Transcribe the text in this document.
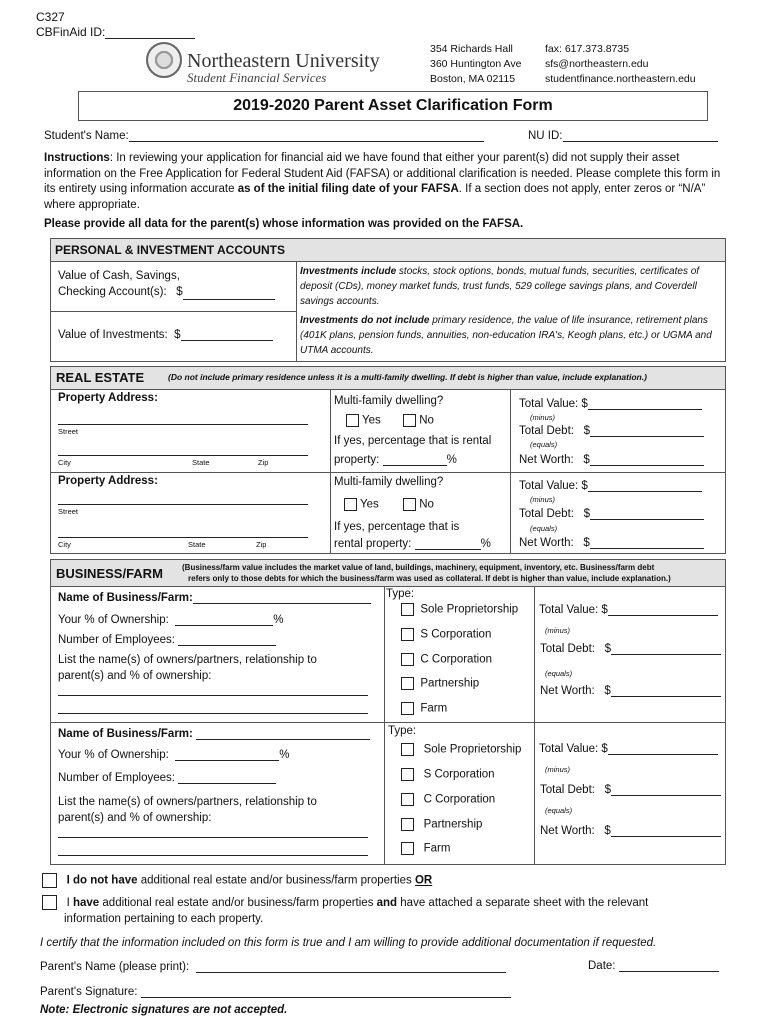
C327
CBFinAid ID:
Northeastern University
Student Financial Services
354 Richards Hall
360 Huntington Ave
Boston, MA 02115
fax: 617.373.8735
sfs@northeastern.edu
studentfinance.northeastern.edu
2019-2020 Parent Asset Clarification Form
Student's Name:	NU ID:
Instructions: In reviewing your application for financial aid we have found that either your parent(s) did not supply their asset information on the Free Application for Federal Student Aid (FAFSA) or additional clarification is needed. Please complete this form in its entirety using information accurate as of the initial filing date of your FAFSA. If a section does not apply, enter zeros or “N/A” where appropriate.
Please provide all data for the parent(s) whose information was provided on the FAFSA.
PERSONAL & INVESTMENT ACCOUNTS
Value of Cash, Savings,
Checking Account(s): $
Value of Investments: $
Investments include stocks, stock options, bonds, mutual funds, securities, certificates of deposit (CDs), money market funds, trust funds, 529 college savings plans, and Coverdell savings accounts.
Investments do not include primary residence, the value of life insurance, retirement plans (401K plans, pension funds, annuities, non-education IRA's, Keogh plans, etc.) or UGMA and UTMA accounts.
REAL ESTATE	(Do not include primary residence unless it is a multi-family dwelling. If debt is higher than value, include explanation.)
Property Address:
Street
City	State	Zip
Multi-family dwelling?
Yes	No
If yes, percentage that is rental
property:	%
Total Value: $
(minus)
Total Debt: $
(equals)
Net Worth: $
Property Address:
Street
City	State	Zip
Multi-family dwelling?
Yes	No
If yes, percentage that is
rental property:	%
Total Value: $
(minus)
Total Debt: $
(equals)
Net Worth: $
BUSINESS/FARM (Business/farm value includes the market value of land, buildings, machinery, equipment, inventory, etc. Business/farm debt
refers only to those debts for which the business/farm was used as collateral. If debt is higher than value, include explanation.)
Name of Business/Farm:
Your % of Ownership:	%
Number of Employees:
List the name(s) of owners/partners, relationship to
parent(s) and % of ownership:
Type:
Sole Proprietorship
S Corporation
C Corporation
Partnership
Farm
Total Value: $
(minus)
Total Debt: $
(equals)
Net Worth: $
Name of Business/Farm:
Your % of Ownership:	%
Number of Employees:
List the name(s) of owners/partners, relationship to
parent(s) and % of ownership:
Type:
Sole Proprietorship
S Corporation
C Corporation
Partnership
Farm
Total Value: $
(minus)
Total Debt: $
(equals)
Net Worth: $
I do not have additional real estate and/or business/farm properties OR
I have additional real estate and/or business/farm properties and have attached a separate sheet with the relevant
information pertaining to each property.
I certify that the information included on this form is true and I am willing to provide additional documentation if requested.
Parent's Name (please print):	Date:
Parent's Signature:
Note: Electronic signatures are not accepted.
